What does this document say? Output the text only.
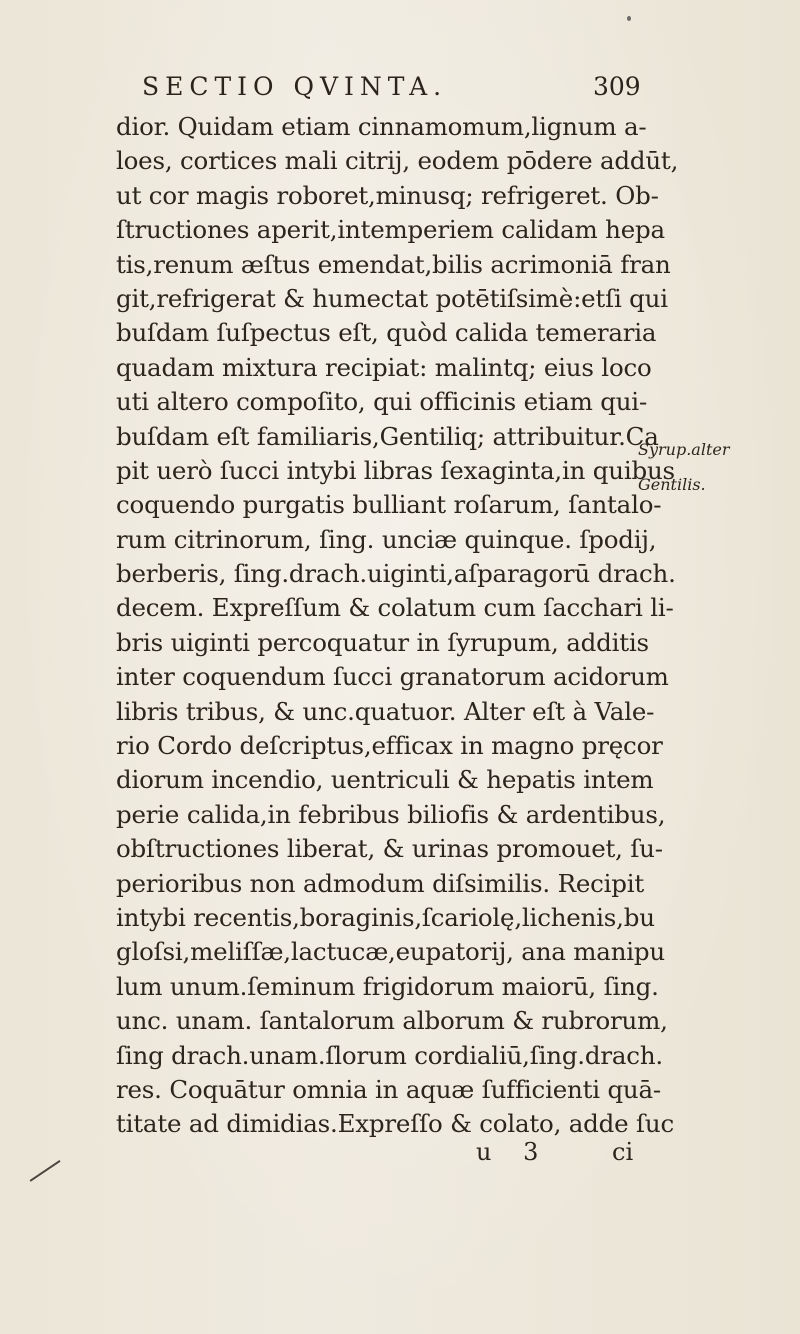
SECTIO QVINTA.	309
dior. Quidam etiam cinnamomum,lignum a-
loes, cortices mali citrij, eodem pōdere addūt,
ut cor magis roboret,minusq; refrigeret. Ob-
ſtructiones aperit,intemperiem calidam hepa
tis,renum æſtus emendat,bilis acrimoniā fran
git,refrigerat & humectat potētiſsimè:etſi qui
buſdam ſuſpectus eſt, quòd calida temeraria
quadam mixtura recipiat: malintq; eius loco
uti altero compoſito, qui officinis etiam qui-
buſdam eſt familiaris,Gentiliq; attribuitur.Ca
pit uerò ſucci intybi libras ſexaginta,in quibus
coquendo purgatis bulliant roſarum, ſantalo-
rum citrinorum, ſing. unciæ quinque. ſpodij,
berberis, ſing.drach.uiginti,aſparagorū drach.
decem. Expreſſum & colatum cum ſacchari li-
bris uiginti percoquatur in ſyrupum, additis
inter coquendum ſucci granatorum acidorum
libris tribus, & unc.quatuor. Alter eſt à Vale-
rio Cordo deſcriptus,efficax in magno pręcor
diorum incendio, uentriculi & hepatis intem
perie calida,in febribus biliofis & ardentibus,
obſtructiones liberat, & urinas promouet, ſu-
perioribus non admodum diſsimilis. Recipit
intybi recentis,boraginis,ſcariolę,lichenis,bu
gloſsi,meliſſæ,lactucæ,eupatorij, ana manipu
lum unum.ſeminum frigidorum maiorū, ſing.
unc. unam. ſantalorum alborum & rubrorum,
ſing drach.unam.ſlorum cordialiū,ſing.drach.
res. Coquātur omnia in aquæ ſufficienti quā-
titate ad dimidias.Expreſſo & colato, adde ſuc
Syrup.alter
Gentilis.
u 3	ci
